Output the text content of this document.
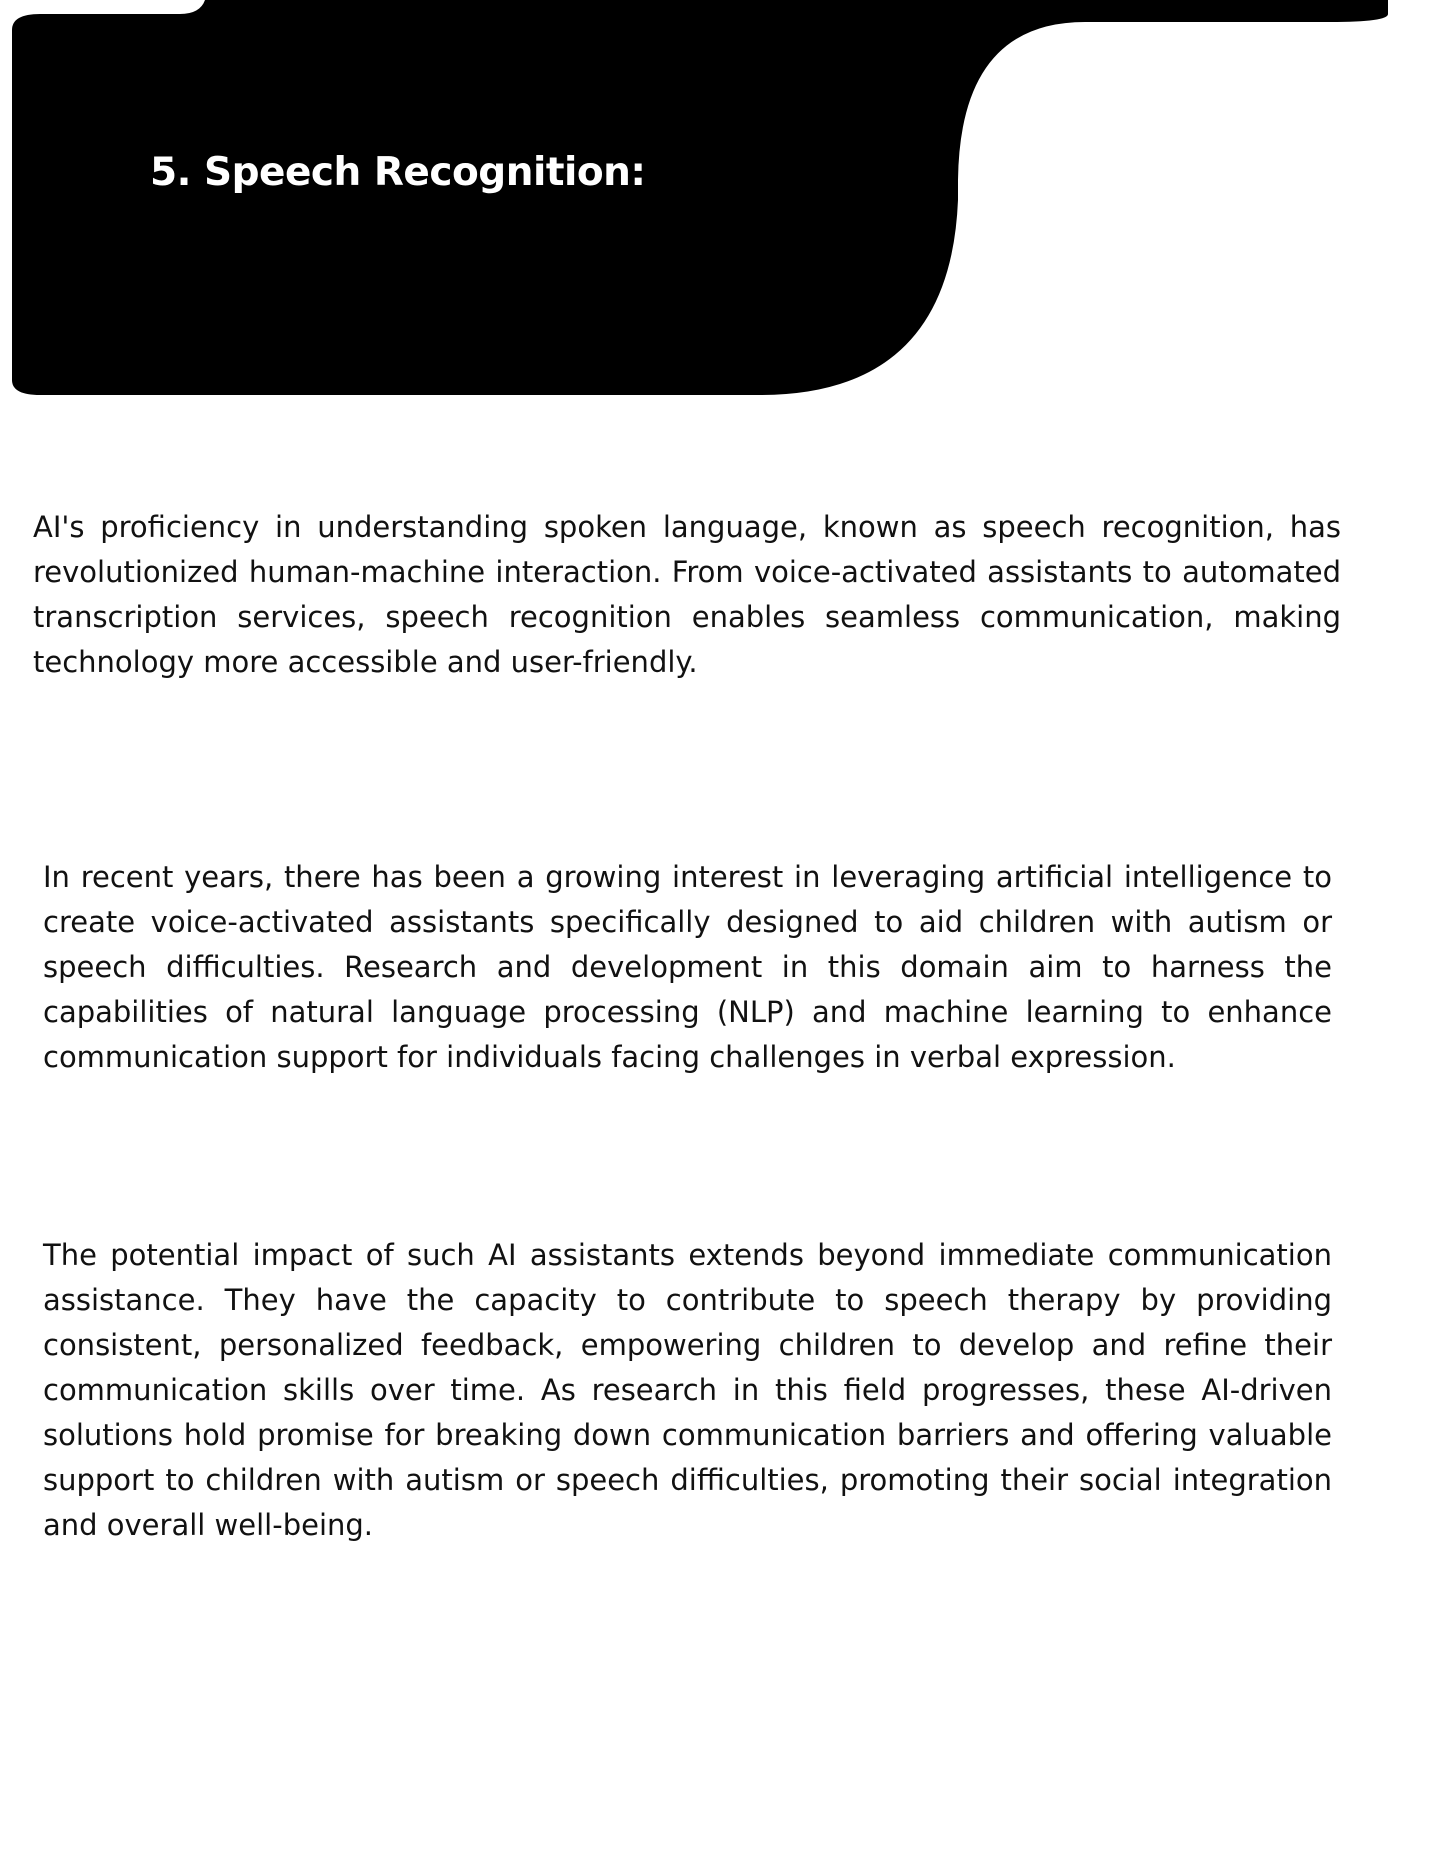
5. Speech Recognition:

AI's proficiency in understanding spoken language, known as speech recognition, has revolutionized human-machine interaction. From voice-activated assistants to automated transcription services, speech recognition enables seamless communication, making technology more accessible and user-friendly.

In recent years, there has been a growing interest in leveraging artificial intelligence to create voice-activated assistants specifically designed to aid children with autism or speech difficulties. Research and development in this domain aim to harness the capabilities of natural language processing (NLP) and machine learning to enhance communication support for individuals facing challenges in verbal expression.

The potential impact of such AI assistants extends beyond immediate communication assistance. They have the capacity to contribute to speech therapy by providing consistent, personalized feedback, empowering children to develop and refine their communication skills over time. As research in this field progresses, these AI-driven solutions hold promise for breaking down communication barriers and offering valuable support to children with autism or speech difficulties, promoting their social integration and overall well-being.
